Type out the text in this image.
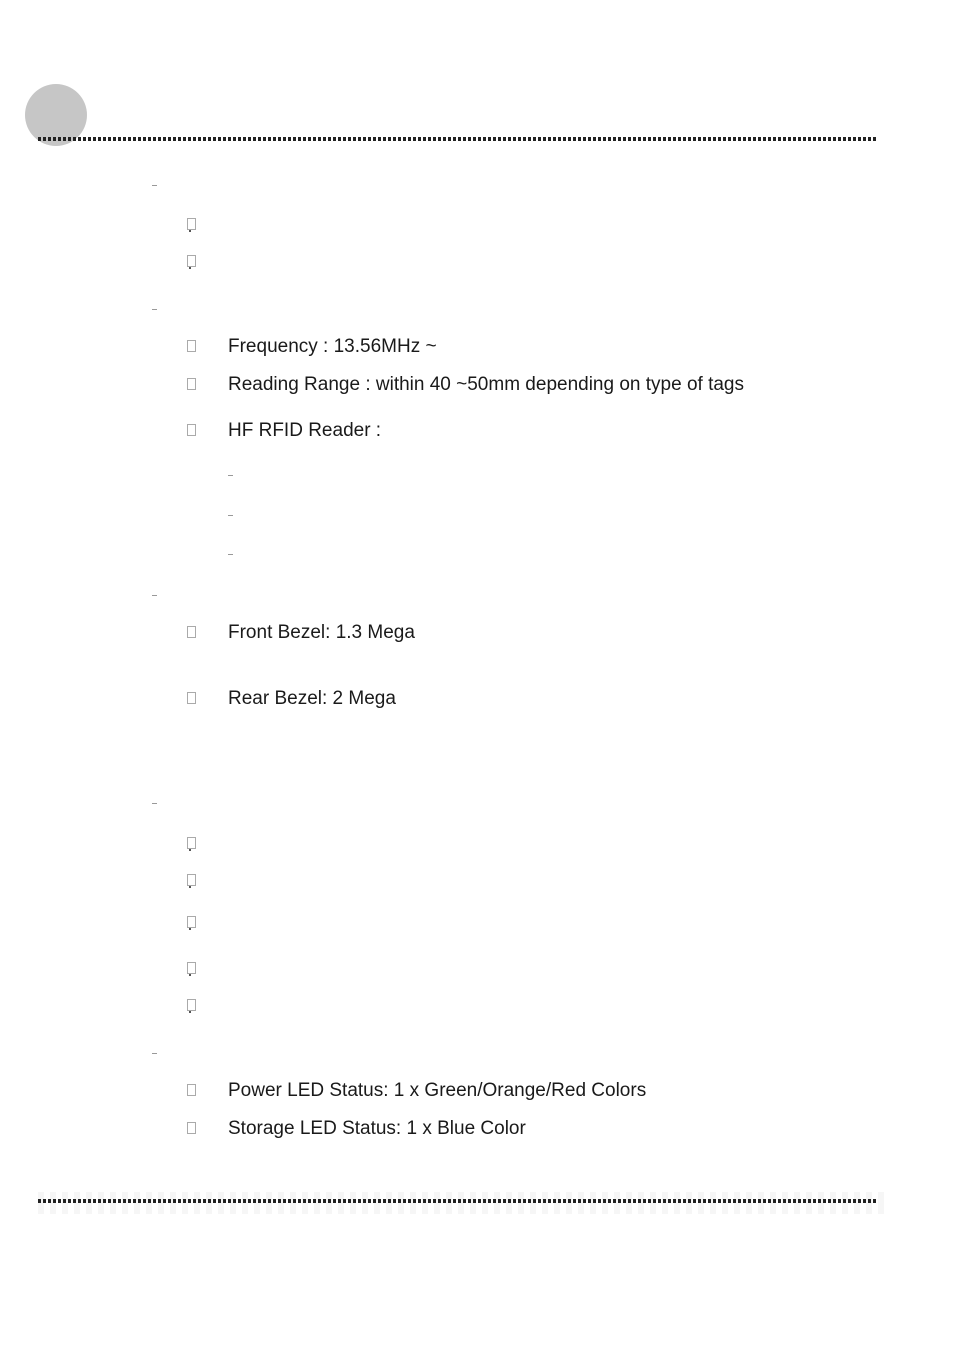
Frequency : 13.56MHz ~
Reading Range : within 40 ~50mm depending on type of tags
HF RFID Reader :
Front Bezel: 1.3 Mega
Rear Bezel: 2 Mega
Power LED Status: 1 x Green/Orange/Red Colors
Storage LED Status: 1 x Blue Color
